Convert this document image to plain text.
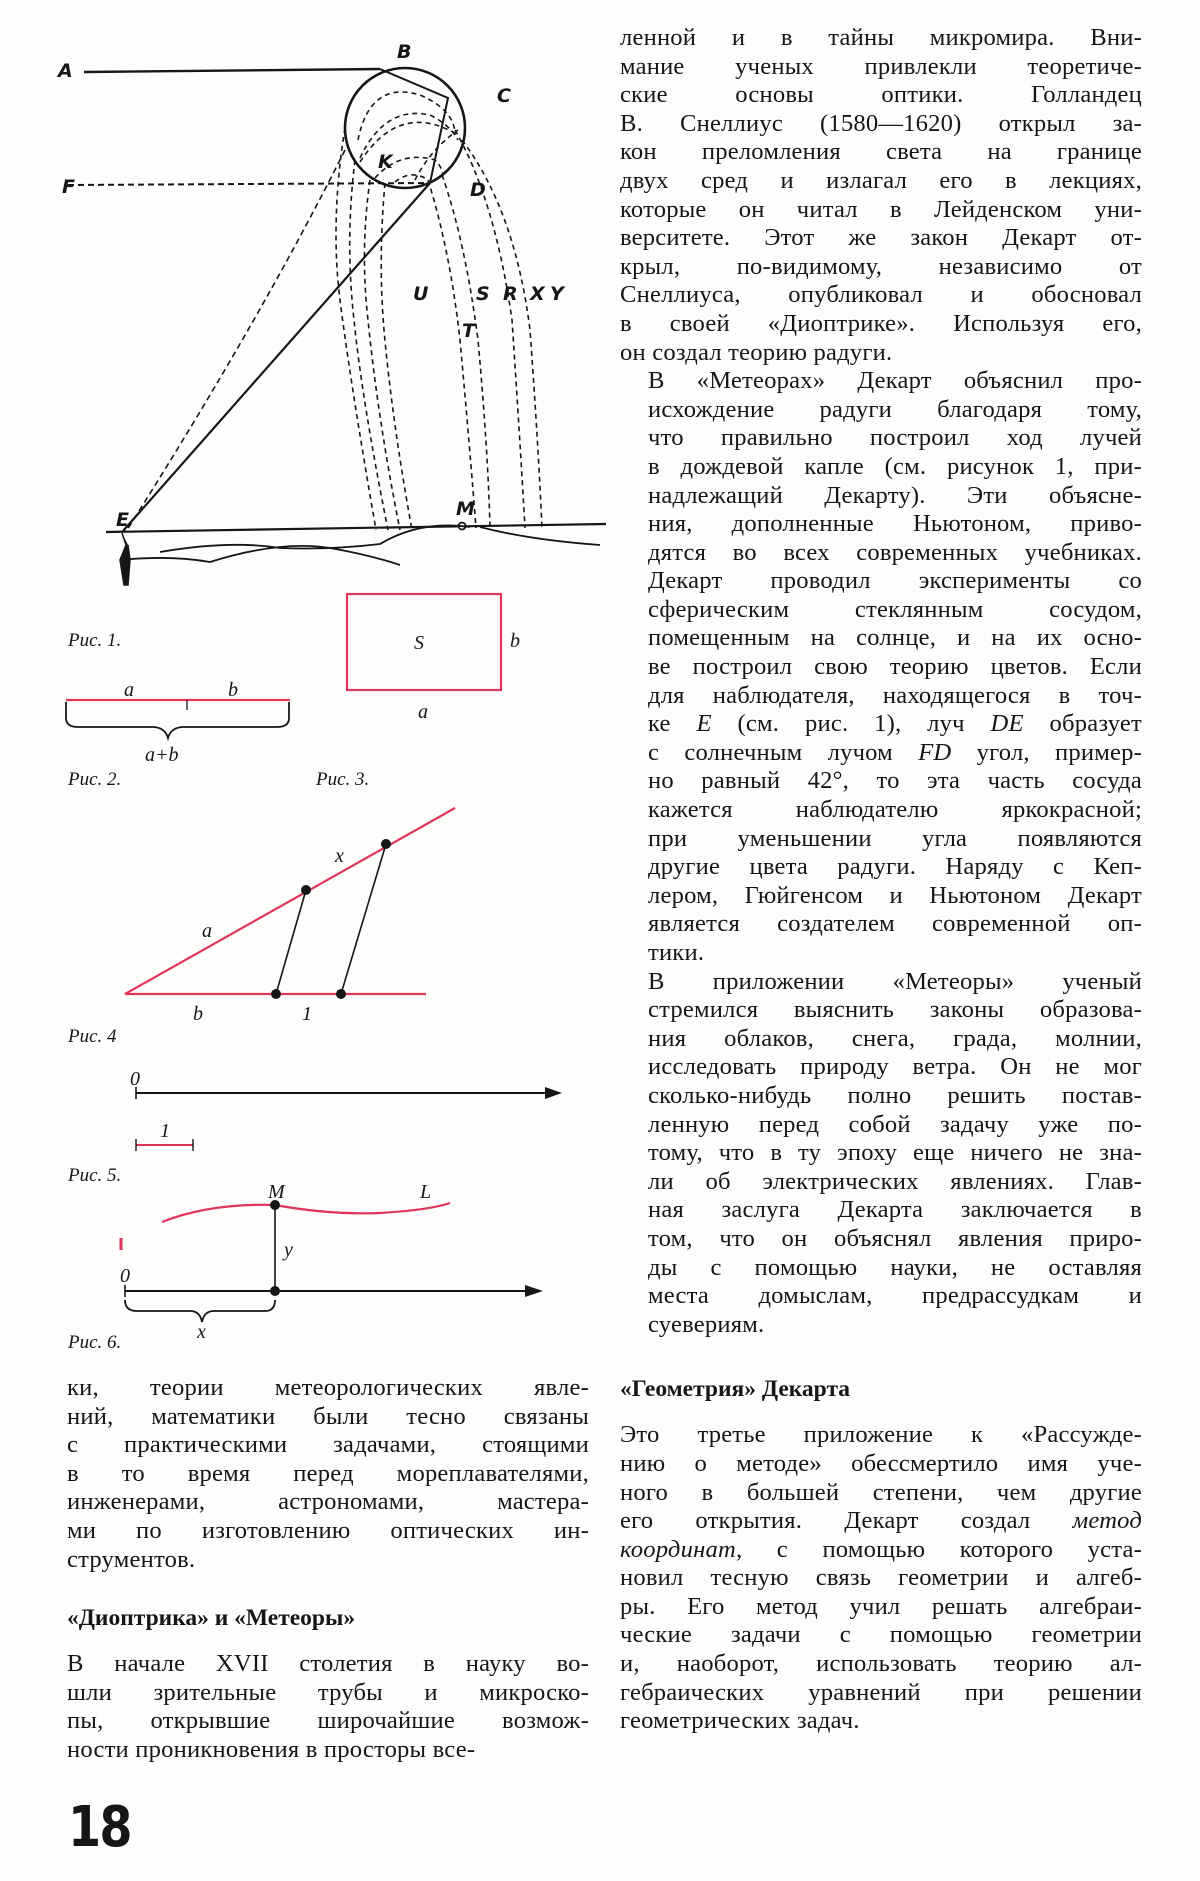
A
B
C
K
F	D
U	S R X Y
T
E	M
Рис. 1.
a	b
a+b
Рис. 2.
S	b
a
Рис. 3.
a
x
b	1
Рис. 4
0
1
Рис. 5.
M	L
y
0
x
Рис. 6.

ленной и в тайны микромира. Вни-
мание ученых привлекли теоретиче-
ские основы оптики. Голландец
В. Снеллиус (1580—1620) открыл за-
кон преломления света на границе
двух сред и излагал его в лекциях,
которые он читал в Лейденском уни-
верситете. Этот же закон Декарт от-
крыл, по-видимому, независимо от
Снеллиуса, опубликовал и обосновал
в своей «Диоптрике». Используя его,
он создал теорию радуги.

В «Метеорах» Декарт объяснил про-
исхождение радуги благодаря тому,
что правильно построил ход лучей
в дождевой капле (см. рисунок 1, при-
надлежащий Декарту). Эти объясне-
ния, дополненные Ньютоном, приво-
дятся во всех современных учебниках.
Декарт проводил эксперименты со
сферическим стеклянным сосудом,
помещенным на солнце, и на их осно-
ве построил свою теорию цветов. Если
для наблюдателя, находящегося в точ-
ке E (см. рис. 1), луч DE образует
с солнечным лучом FD угол, пример-
но равный 42°, то эта часть сосуда
кажется наблюдателю яркокрасной;
при уменьшении угла появляются
другие цвета радуги. Наряду с Кеп-
лером, Гюйгенсом и Ньютоном Декарт
является создателем современной оп-
тики.

В приложении «Метеоры» ученый
стремился выяснить законы образова-
ния облаков, снега, града, молнии,
исследовать природу ветра. Он не мог
сколько-нибудь полно решить постав-
ленную перед собой задачу уже по-
тому, что в ту эпоху еще ничего не зна-
ли об электрических явлениях. Глав-
ная заслуга Декарта заключается в
том, что он объяснял явления приро-
ды с помощью науки, не оставляя
места домыслам, предрассудкам и
суевериям.

«Геометрия» Декарта

Это третье приложение к «Рассужде-
нию о методе» обессмертило имя уче-
ного в большей степени, чем другие
его открытия. Декарт создал метод
координат, с помощью которого уста-
новил тесную связь геометрии и алгеб-
ры. Его метод учил решать алгебраи-
ческие задачи с помощью геометрии
и, наоборот, использовать теорию ал-
гебраических уравнений при решении
геометрических задач.

ки, теории метеорологических явле-
ний, математики были тесно связаны
с практическими задачами, стоящими
в то время перед мореплавателями,
инженерами, астрономами, мастера-
ми по изготовлению оптических ин-
струментов.

«Диоптрика» и «Метеоры»

В начале XVII столетия в науку во-
шли зрительные трубы и микроско-
пы, открывшие широчайшие возмож-
ности проникновения в просторы все-

18
